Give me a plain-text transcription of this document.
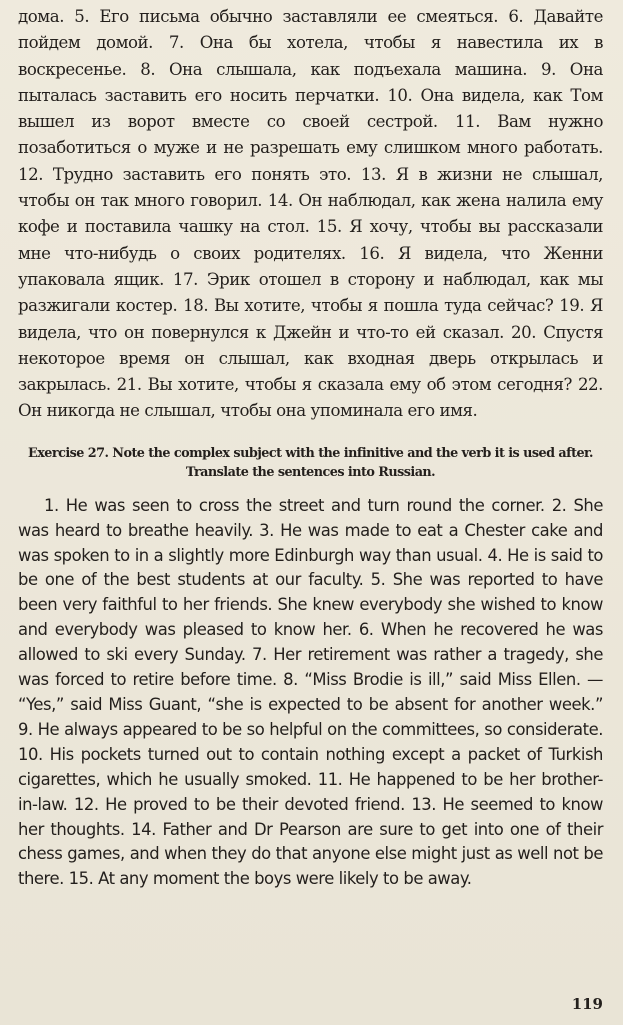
дома. 5. Его письма обычно заставляли ее смеяться. 6. Давайте пойдем домой. 7. Она бы хотела, чтобы я навестила их в воскресенье. 8. Она слышала, как подъехала машина. 9. Она пыталась заставить его носить перчатки. 10. Она видела, как Том вышел из ворот вместе со своей сестрой. 11. Вам нужно позаботиться о муже и не разрешать ему слишком много работать. 12. Трудно заставить его понять это. 13. Я в жизни не слышал, чтобы он так много говорил. 14. Он наблюдал, как жена налила ему кофе и поставила чашку на стол. 15. Я хочу, чтобы вы рассказали мне что-нибудь о своих родителях. 16. Я видела, что Женни упаковала ящик. 17. Эрик отошел в сторону и наблюдал, как мы разжигали костер. 18. Вы хотите, чтобы я пошла туда сейчас? 19. Я видела, что он повернулся к Джейн и что-то ей сказал. 20. Спустя некоторое время он слышал, как входная дверь открылась и закрылась. 21. Вы хотите, чтобы я сказала ему об этом сегодня? 22. Он никогда не слышал, чтобы она упоминала его имя.

Exercise 27. Note the complex subject with the infinitive and the verb it is used after. Translate the sentences into Russian.

1. He was seen to cross the street and turn round the corner. 2. She was heard to breathe heavily. 3. He was made to eat a Chester cake and was spoken to in a slightly more Edinburgh way than usual. 4. He is said to be one of the best students at our faculty. 5. She was reported to have been very faithful to her friends. She knew everybody she wished to know and everybody was pleased to know her. 6. When he recovered he was allowed to ski every Sunday. 7. Her retirement was rather a tragedy, she was forced to retire before time. 8. “Miss Brodie is ill,” said Miss Ellen. — “Yes,” said Miss Guant, “she is expected to be absent for another week.” 9. He always appeared to be so helpful on the committees, so considerate. 10. His pockets turned out to contain nothing except a packet of Turkish cigarettes, which he usually smoked. 11. He happened to be her brother-in-law. 12. He proved to be their devoted friend. 13. He seemed to know her thoughts. 14. Father and Dr Pearson are sure to get into one of their chess games, and when they do that anyone else might just as well not be there. 15. At any moment the boys were likely to be away.

119
